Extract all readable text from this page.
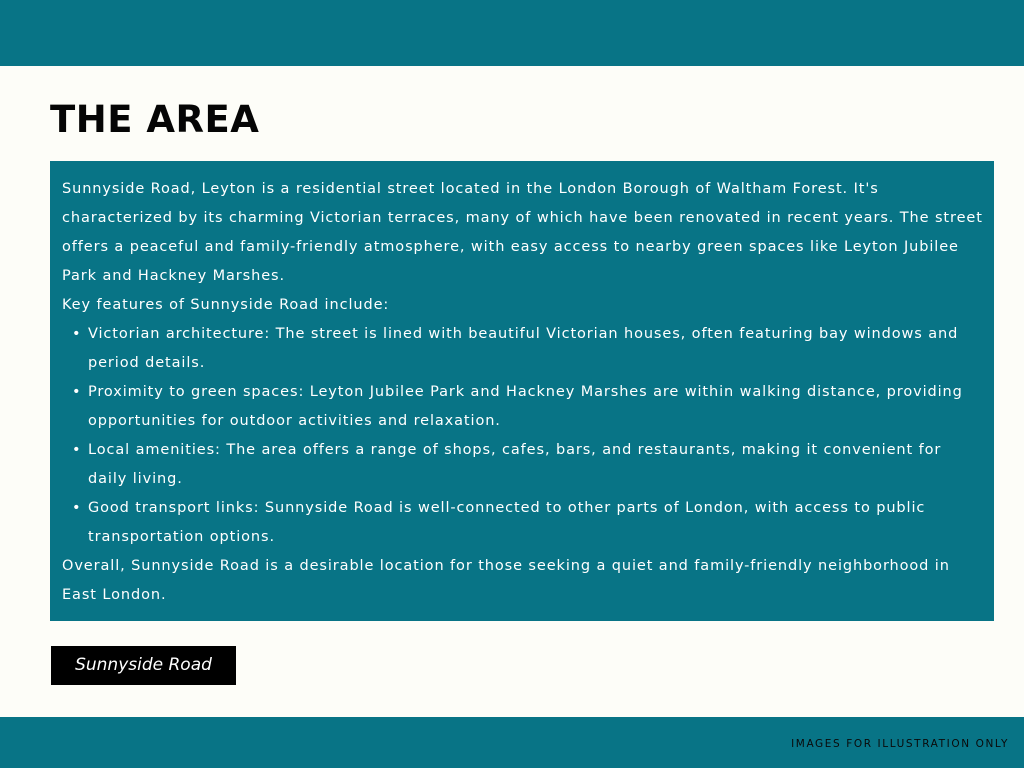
THE AREA

Sunnyside Road, Leyton is a residential street located in the London Borough of Waltham Forest. It's characterized by its charming Victorian terraces, many of which have been renovated in recent years. The street offers a peaceful and family-friendly atmosphere, with easy access to nearby green spaces like Leyton Jubilee Park and Hackney Marshes.

Key features of Sunnyside Road include:

• Victorian architecture: The street is lined with beautiful Victorian houses, often featuring bay windows and period details.
• Proximity to green spaces: Leyton Jubilee Park and Hackney Marshes are within walking distance, providing opportunities for outdoor activities and relaxation.
• Local amenities: The area offers a range of shops, cafes, bars, and restaurants, making it convenient for daily living.
• Good transport links: Sunnyside Road is well-connected to other parts of London, with access to public transportation options.

Overall, Sunnyside Road is a desirable location for those seeking a quiet and family-friendly neighborhood in East London.

Sunnyside Road
IMAGES FOR ILLUSTRATION ONLY
